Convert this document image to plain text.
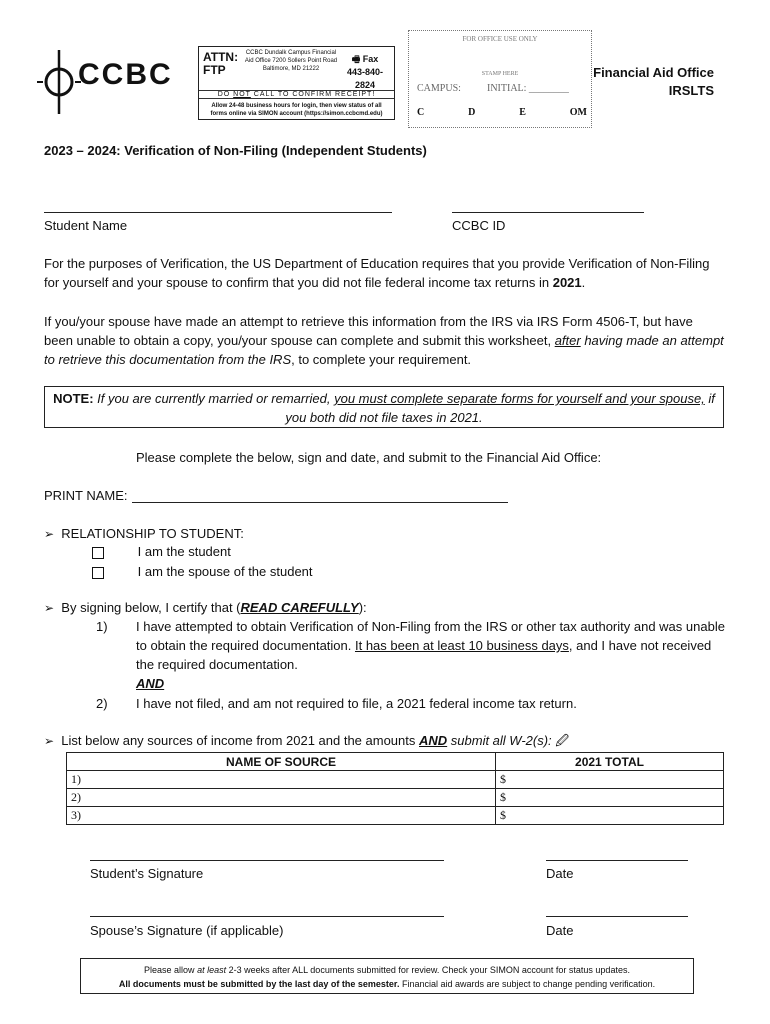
CCBC
ATTN:
FTP
CCBC Dundalk Campus Financial Aid Office 7200 Sollers Point Road Baltimore, MD 21222
🖷 Fax
443-840-2824
DO NOT CALL TO CONFIRM RECEIPT!
Allow 24-48 business hours for login, then view status of all forms online via SIMON account (https://simon.ccbcmd.edu)
FOR OFFICE USE ONLY
STAMP HERE
CAMPUS:	INITIAL: ________
C	D	E	OM
Financial Aid Office
IRSLTS
2023 – 2024: Verification of Non-Filing (Independent Students)
Student Name	CCBC ID
For the purposes of Verification, the US Department of Education requires that you provide Verification of Non-Filing for yourself and your spouse to confirm that you did not file federal income tax returns in 2021.
If you/your spouse have made an attempt to retrieve this information from the IRS via IRS Form 4506-T, but have been unable to obtain a copy, you/your spouse can complete and submit this worksheet, after having made an attempt to retrieve this documentation from the IRS, to complete your requirement.
NOTE: If you are currently married or remarried, you must complete separate forms for yourself and your spouse, if you both did not file taxes in 2021.
Please complete the below, sign and date, and submit to the Financial Aid Office:
PRINT NAME:
➢ RELATIONSHIP TO STUDENT:
I am the student
I am the spouse of the student
➢ By signing below, I certify that (READ CAREFULLY):
1) I have attempted to obtain Verification of Non-Filing from the IRS or other tax authority and was unable to obtain the required documentation. It has been at least 10 business days, and I have not received the required documentation.
AND
2) I have not filed, and am not required to file, a 2021 federal income tax return.
➢ List below any sources of income from 2021 and the amounts AND submit all W-2(s): 🖉
NAME OF SOURCE	2021 TOTAL
1)	$
2)	$
3)	$
Student’s Signature	Date
Spouse’s Signature (if applicable)	Date
Please allow at least 2-3 weeks after ALL documents submitted for review. Check your SIMON account for status updates.
All documents must be submitted by the last day of the semester. Financial aid awards are subject to change pending verification.
